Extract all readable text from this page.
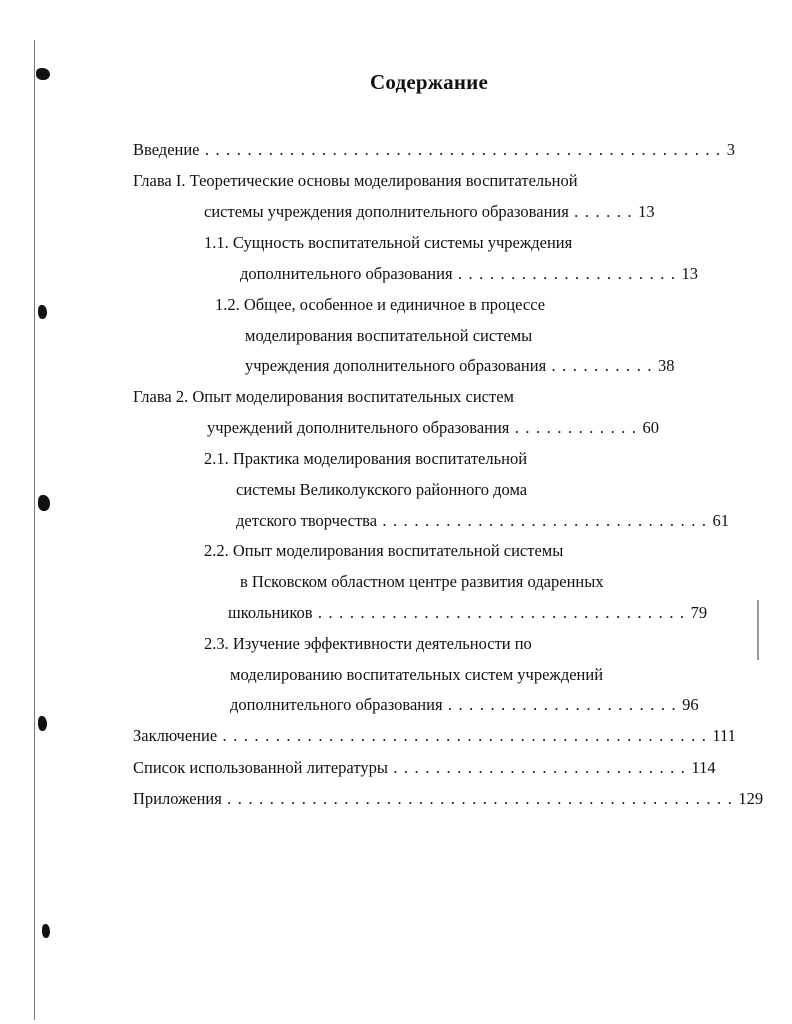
Содержание
Введение . . . . . . . . . . . . . . . . . . . . . . . . . . . . . . . . . . . . . . . . . . . . . . . . . 3
Глава I. Теоретические основы моделирования воспитательной
системы учреждения дополнительного образования . . . . . . 13
1.1. Сущность воспитательной системы учреждения
дополнительного образования . . . . . . . . . . . . . . . . . . . . . 13
1.2. Общее, особенное и единичное в процессе
моделирования воспитательной системы
учреждения дополнительного образования . . . . . . . . . . 38
Глава 2. Опыт моделирования воспитательных систем
учреждений дополнительного образования . . . . . . . . . . . . 60
2.1. Практика моделирования воспитательной
системы Великолукского районного дома
детского творчества . . . . . . . . . . . . . . . . . . . . . . . . . . . . . . . 61
2.2. Опыт моделирования воспитательной системы
в Псковском областном центре развития одаренных
школьников . . . . . . . . . . . . . . . . . . . . . . . . . . . . . . . . . . . 79
2.3. Изучение эффективности деятельности по
моделированию воспитательных систем учреждений
дополнительного образования . . . . . . . . . . . . . . . . . . . . . . 96
Заключение . . . . . . . . . . . . . . . . . . . . . . . . . . . . . . . . . . . . . . . . . . . . . . 111
Список использованной литературы . . . . . . . . . . . . . . . . . . . . . . . . . . . . 114
Приложения . . . . . . . . . . . . . . . . . . . . . . . . . . . . . . . . . . . . . . . . . . . . . . . . 129
